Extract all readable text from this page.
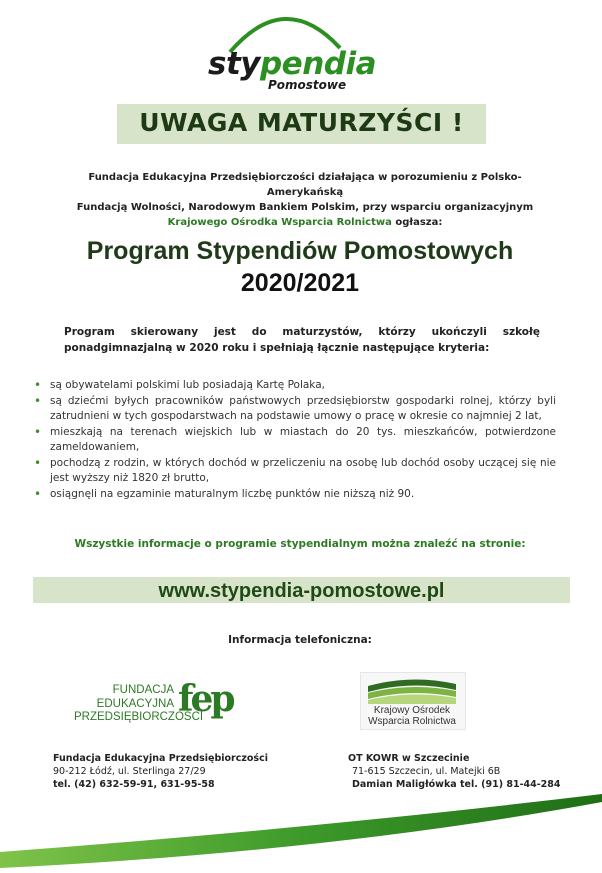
stypendia
Pomostowe
UWAGA MATURZYŚCI !
Fundacja Edukacyjna Przedsiębiorczości działająca w porozumieniu z Polsko-Amerykańską
Fundacją Wolności, Narodowym Bankiem Polskim, przy wsparciu organizacyjnym
Krajowego Ośrodka Wsparcia Rolnictwa ogłasza:
Program Stypendiów Pomostowych
2020/2021
Program skierowany jest do maturzystów, którzy ukończyli szkołę ponadgimnazjalną w 2020 roku i spełniają łącznie następujące kryteria:
• są obywatelami polskimi lub posiadają Kartę Polaka,
• są dziećmi byłych pracowników państwowych przedsiębiorstw gospodarki rolnej, którzy byli zatrudnieni w tych gospodarstwach na podstawie umowy o pracę w okresie co najmniej 2 lat,
• mieszkają na terenach wiejskich lub w miastach do 20 tys. mieszkańców, potwierdzone zameldowaniem,
• pochodzą z rodzin, w których dochód w przeliczeniu na osobę lub dochód osoby uczącej się nie jest wyższy niż 1820 zł brutto,
• osiągnęli na egzaminie maturalnym liczbę punktów nie niższą niż 90.
Wszystkie informacje o programie stypendialnym można znaleźć na stronie:
www.stypendia-pomostowe.pl
Informacja telefoniczna:
FUNDACJA
EDUKACYJNA
PRZEDSIĘBIORCZOŚCI
fep	Krajowy Ośrodek
Wsparcia Rolnictwa
Fundacja Edukacyjna Przedsiębiorczości
90-212 Łódź, ul. Sterlinga 27/29
tel. (42) 632-59-91, 631-95-58
OT KOWR w Szczecinie
71-615 Szczecin, ul. Matejki 6B
Damian Maligłówka tel. (91) 81-44-284
